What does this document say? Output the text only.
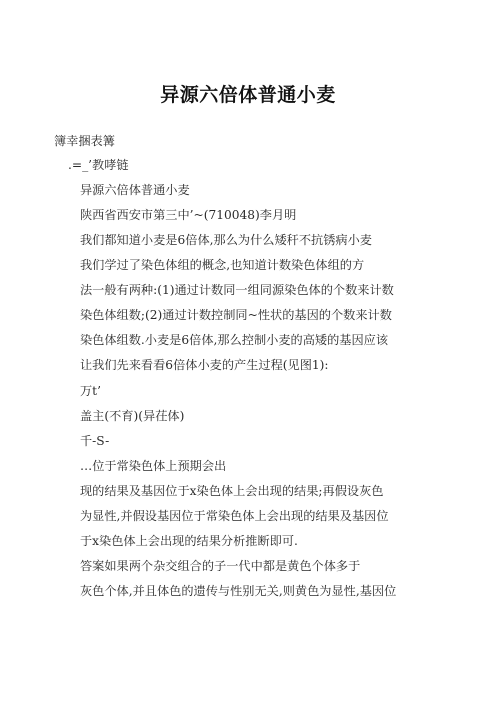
异源六倍体普通小麦
簿幸捆表篝
.=_’教哮链
异源六倍体普通小麦
陕西省西安市第三中’~(710048)李月明
我们都知道小麦是6倍体,那么为什么矮秆不抗锈病小麦
我们学过了染色体组的概念,也知道计数染色体组的方
法一般有两种:(1)通过计数同一组同源染色体的个数来计数
染色体组数;(2)通过计数控制同~性状的基因的个数来计数
染色体组数.小麦是6倍体,那么控制小麦的高矮的基因应该
让我们先来看看6倍体小麦的产生过程(见图1):
万t’
盖主(不育)(异茌体)
千-S-
…位于常染色体上预期会出
现的结果及基因位于x染色体上会出现的结果;再假设灰色
为显性,并假设基因位于常染色体上会出现的结果及基因位
于x染色体上会出现的结果分析推断即可.
答案如果两个杂交组合的子一代中都是黄色个体多于
灰色个体,并且体色的遗传与性别无关,则黄色为显性,基因位
